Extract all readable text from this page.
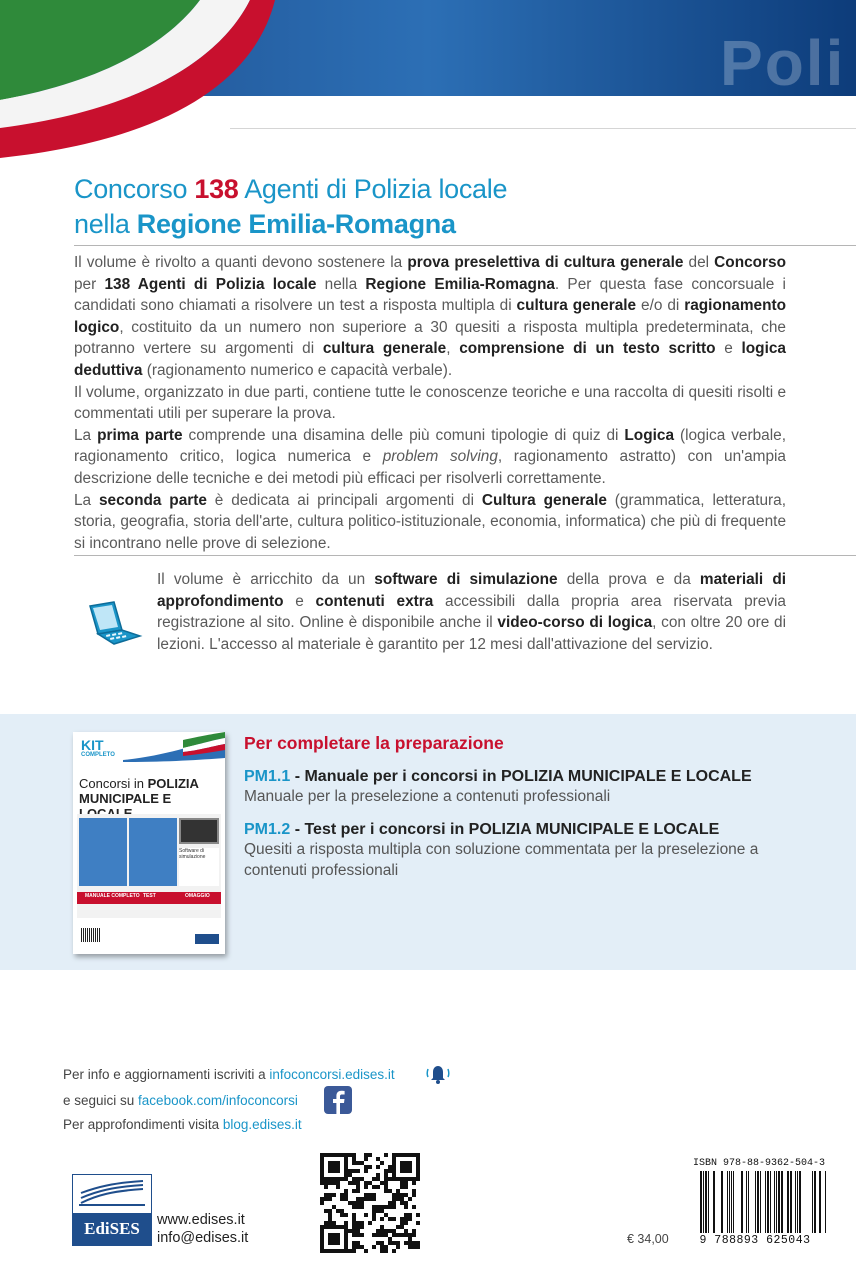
Poli
Concorso 138 Agenti di Polizia locale
nella Regione Emilia-Romagna

Il volume è rivolto a quanti devono sostenere la prova preselettiva di cultura generale del Concorso per 138 Agenti di Polizia locale nella Regione Emilia-Romagna. Per questa fase concorsuale i candidati sono chiamati a risolvere un test a risposta multipla di cultura generale e/o di ragionamento logico, costituito da un numero non superiore a 30 quesiti a risposta multipla predeterminata, che potranno vertere su argomenti di cultura generale, comprensione di un testo scritto e logica deduttiva (ragionamento numerico e capacità verbale).

Il volume, organizzato in due parti, contiene tutte le conoscenze teoriche e una raccolta di quesiti risolti e commentati utili per superare la prova.

La prima parte comprende una disamina delle più comuni tipologie di quiz di Logica (logica verbale, ragionamento critico, logica numerica e problem solving, ragionamento astratto) con un'ampia descrizione delle tecniche e dei metodi più efficaci per risolverli correttamente.

La seconda parte è dedicata ai principali argomenti di Cultura generale (grammatica, letteratura, storia, geografia, storia dell'arte, cultura politico-istituzionale, economia, informatica) che più di frequente si incontrano nelle prove di selezione.

Il volume è arricchito da un software di simulazione della prova e da materiali di approfondimento e contenuti extra accessibili dalla propria area riservata previa registrazione al sito. Online è disponibile anche il video-corso di logica, con oltre 20 ore di lezioni. L'accesso al materiale è garantito per 12 mesi dall'attivazione del servizio.
KIT
COMPLETO
Concorsi in POLIZIA
MUNICIPALE E
Software di simulazione
MANUALE COMPLETO TEST	OMAGGIO
Per completare la preparazione
PM1.1 - Manuale per i concorsi in POLIZIA MUNICIPALE E LOCALE
Manuale per la preselezione a contenuti professionali
PM1.2 - Test per i concorsi in POLIZIA MUNICIPALE E LOCALE
Quesiti a risposta multipla con soluzione commentata per la preselezione a contenuti professionali
Per info e aggiornamenti iscriviti a infoconcorsi.edises.it
e seguici su facebook.com/infoconcorsi
Per approfondimenti visita blog.edises.it
EdiSES	www.edises.it
info@edises.it	€ 34,00
ISBN 978-88-9362-504-3
9 788893 625043
